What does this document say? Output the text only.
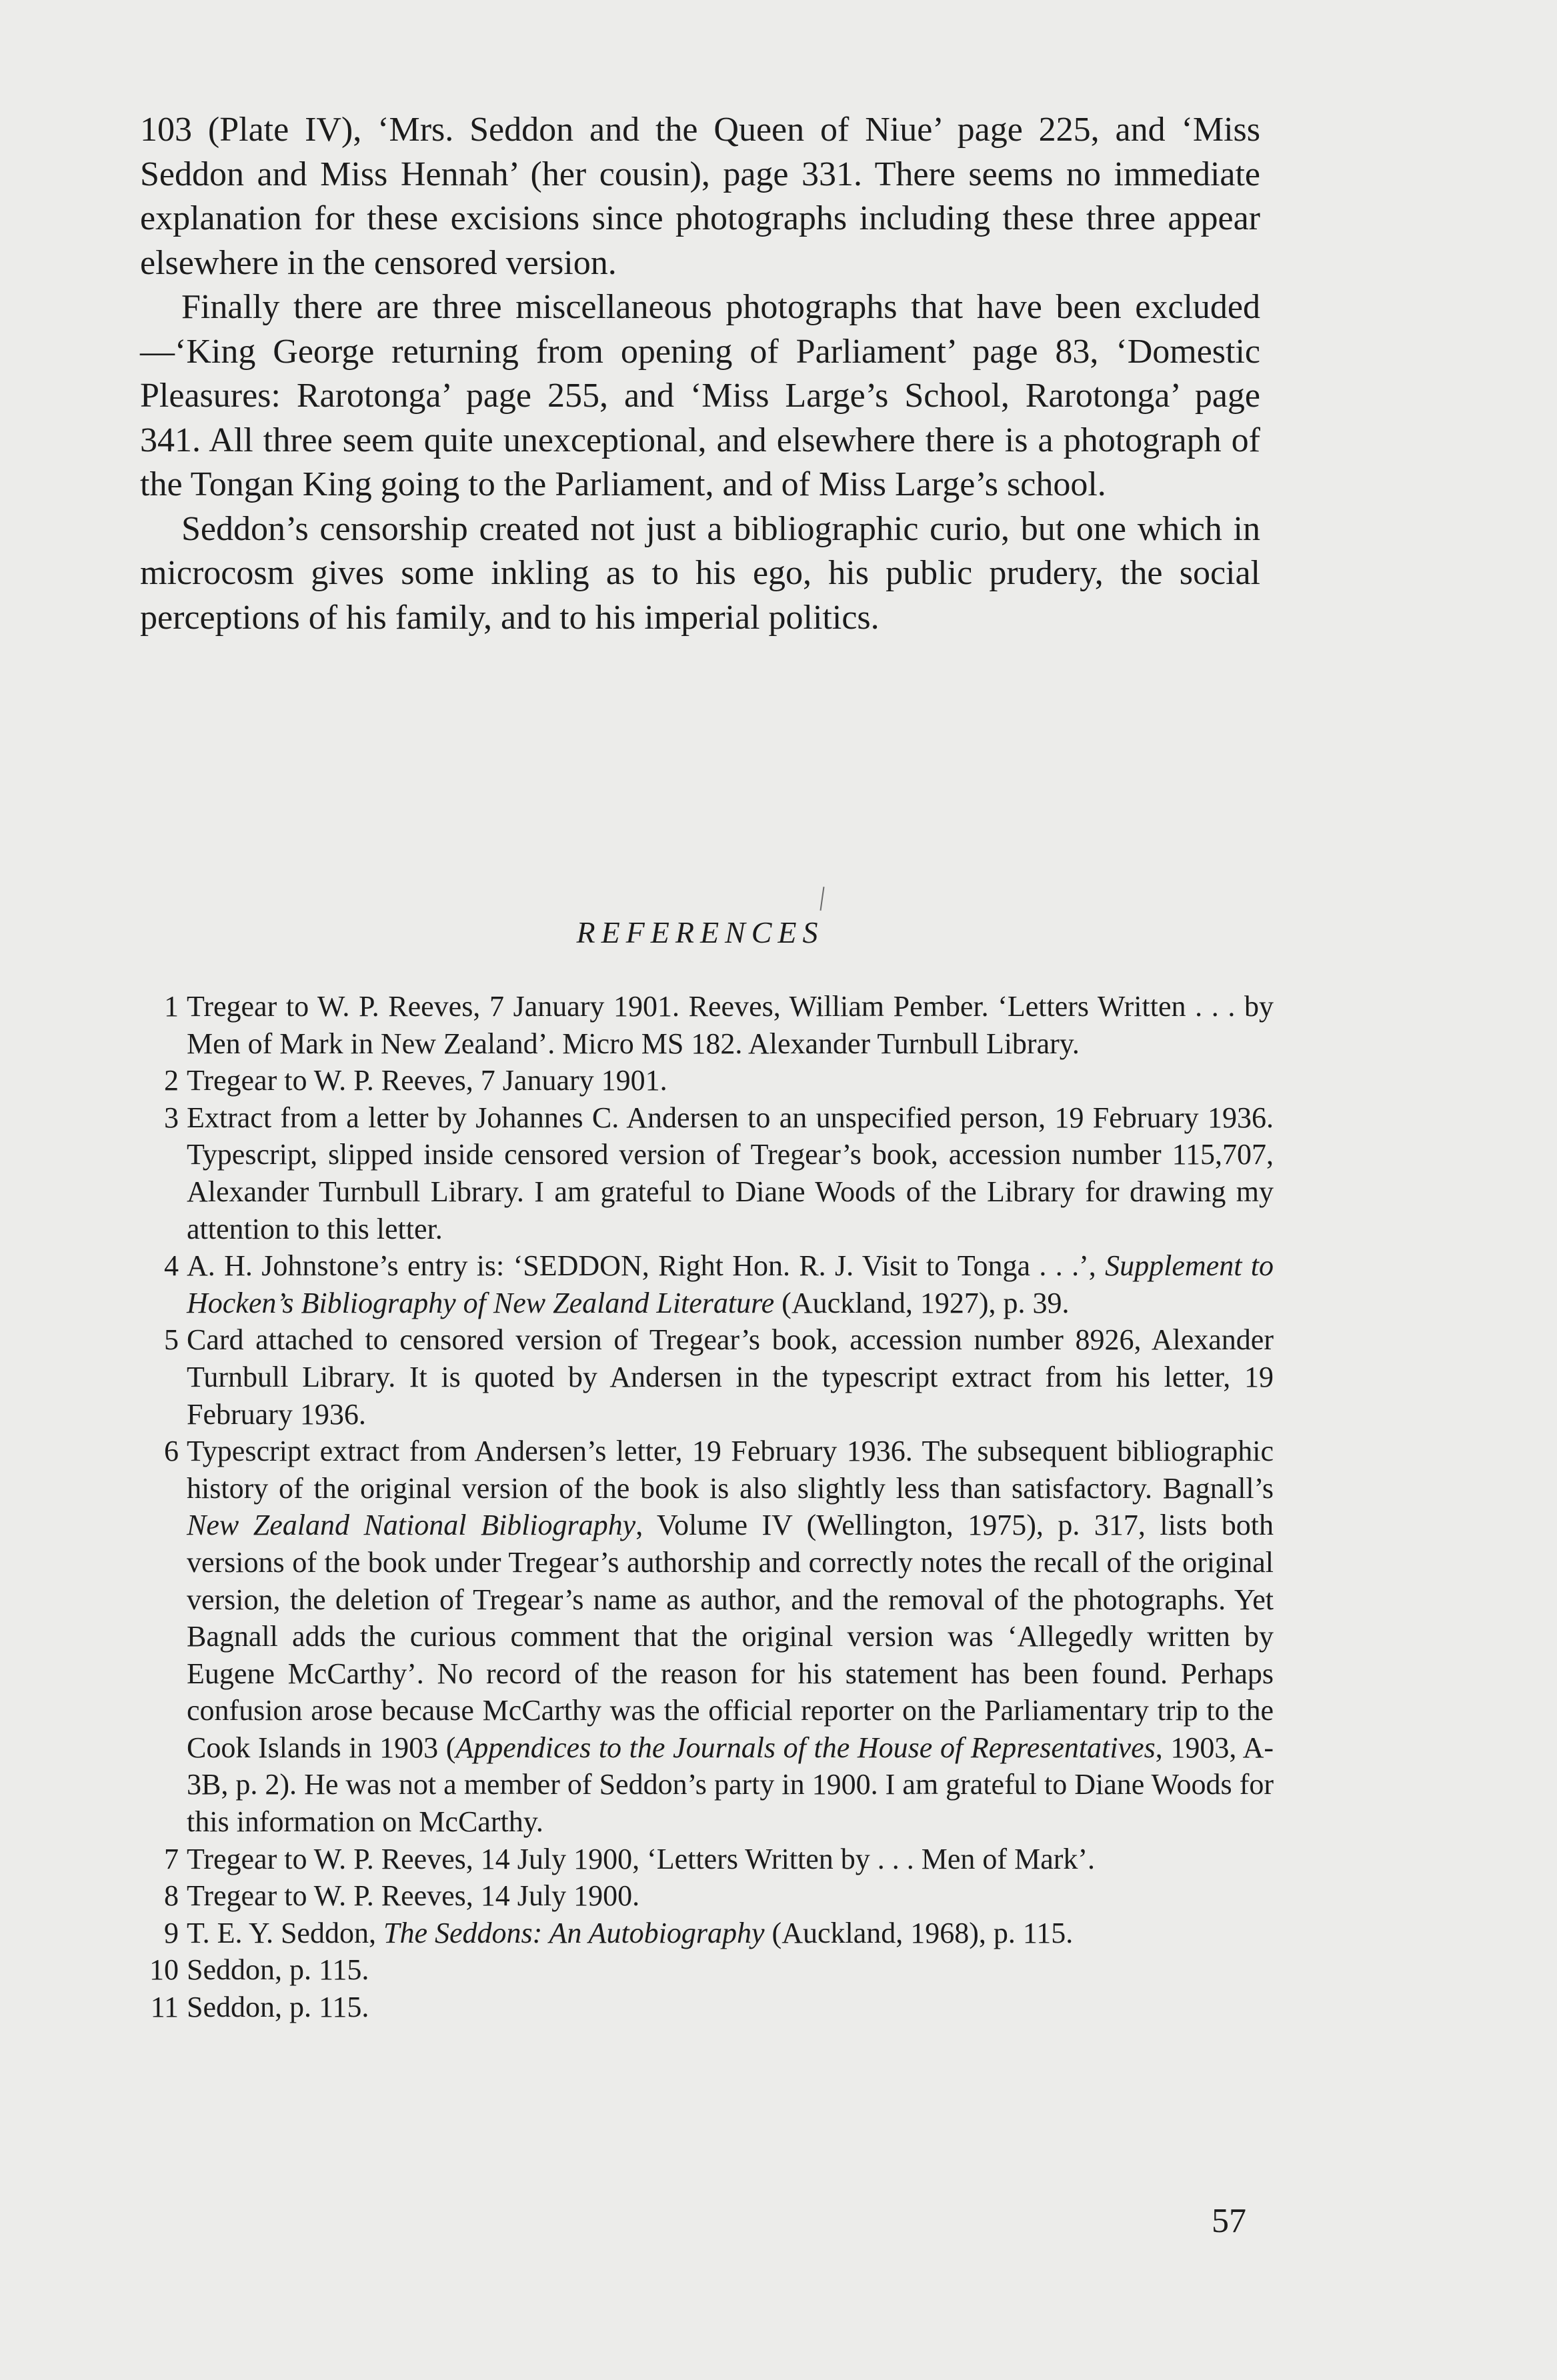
103 (Plate IV), ‘Mrs. Seddon and the Queen of Niue’ page 225, and ‘Miss Seddon and Miss Hennah’ (her cousin), page 331. There seems no immediate explanation for these excisions since photographs including these three appear elsewhere in the censored version.

Finally there are three miscellaneous photographs that have been excluded—‘King George returning from opening of Parliament’ page 83, ‘Domestic Pleasures: Rarotonga’ page 255, and ‘Miss Large’s School, Rarotonga’ page 341. All three seem quite unexceptional, and elsewhere there is a photograph of the Tongan King going to the Parliament, and of Miss Large’s school.

Seddon’s censorship created not just a bibliographic curio, but one which in microcosm gives some inkling as to his ego, his public prudery, the social perceptions of his family, and to his imperial politics.

REFERENCES
1 Tregear to W. P. Reeves, 7 January 1901. Reeves, William Pember. ‘Letters Written . . . by Men of Mark in New Zealand’. Micro MS 182. Alexander Turnbull Library.
2 Tregear to W. P. Reeves, 7 January 1901.
3 Extract from a letter by Johannes C. Andersen to an unspecified person, 19 February 1936. Typescript, slipped inside censored version of Tregear’s book, accession number 115,707, Alexander Turnbull Library. I am grateful to Diane Woods of the Library for drawing my attention to this letter.
4 A. H. Johnstone’s entry is: ‘SEDDON, Right Hon. R. J. Visit to Tonga . . .’, Supplement to Hocken’s Bibliography of New Zealand Literature (Auckland, 1927), p. 39.
5 Card attached to censored version of Tregear’s book, accession number 8926, Alexander Turnbull Library. It is quoted by Andersen in the typescript extract from his letter, 19 February 1936.
6 Typescript extract from Andersen’s letter, 19 February 1936. The subsequent bibliographic history of the original version of the book is also slightly less than satisfactory. Bagnall’s New Zealand National Bibliography, Volume IV (Wellington, 1975), p. 317, lists both versions of the book under Tregear’s authorship and correctly notes the recall of the original version, the deletion of Tregear’s name as author, and the removal of the photographs. Yet Bagnall adds the curious comment that the original version was ‘Allegedly written by Eugene McCarthy’. No record of the reason for his statement has been found. Perhaps confusion arose because McCarthy was the official reporter on the Parliamentary trip to the Cook Islands in 1903 (Appendices to the Journals of the House of Representatives, 1903, A-3B, p. 2). He was not a member of Seddon’s party in 1900. I am grateful to Diane Woods for this information on McCarthy.
7 Tregear to W. P. Reeves, 14 July 1900, ‘Letters Written by . . . Men of Mark’.
8 Tregear to W. P. Reeves, 14 July 1900.
9 T. E. Y. Seddon, The Seddons: An Autobiography (Auckland, 1968), p. 115.
10 Seddon, p. 115.
11 Seddon, p. 115.
57
